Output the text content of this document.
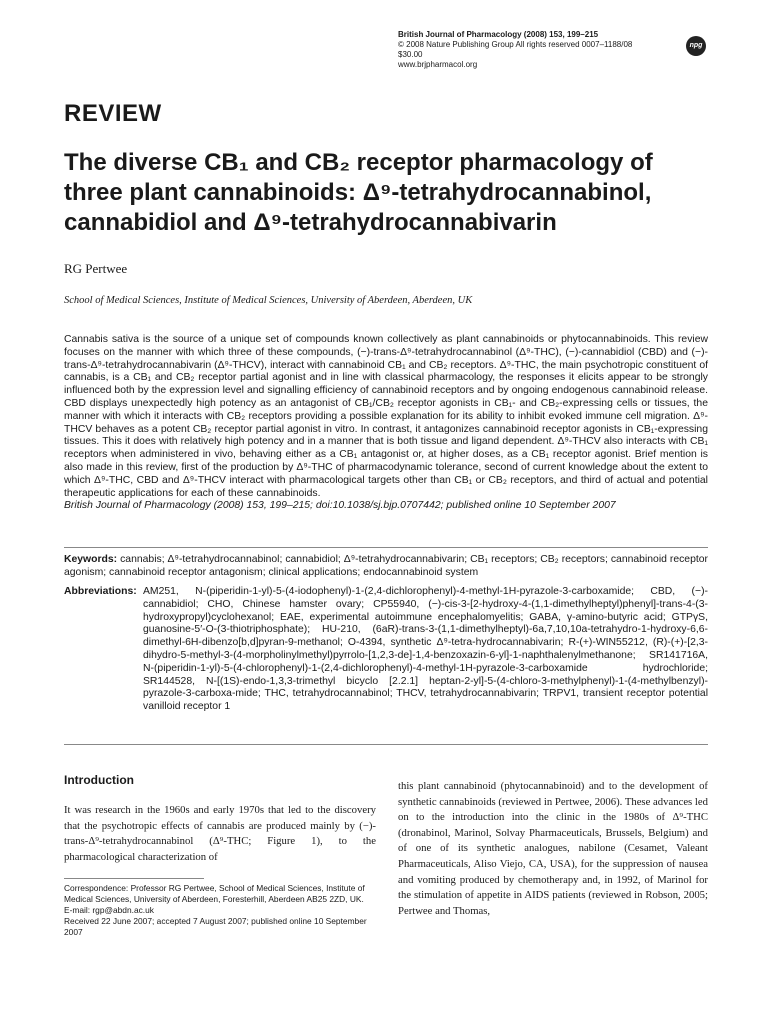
British Journal of Pharmacology (2008) 153, 199–215
© 2008 Nature Publishing Group All rights reserved 0007–1188/08 $30.00
www.brjpharmacol.org
npg
REVIEW
The diverse CB₁ and CB₂ receptor pharmacology of three plant cannabinoids: Δ⁹-tetrahydrocannabinol, cannabidiol and Δ⁹-tetrahydrocannabivarin
RG Pertwee
School of Medical Sciences, Institute of Medical Sciences, University of Aberdeen, Aberdeen, UK
Cannabis sativa is the source of a unique set of compounds known collectively as plant cannabinoids or phytocannabinoids. This review focuses on the manner with which three of these compounds, (−)-trans-Δ⁹-tetrahydrocannabinol (Δ⁹-THC), (−)-cannabidiol (CBD) and (−)-trans-Δ⁹-tetrahydrocannabivarin (Δ⁹-THCV), interact with cannabinoid CB₁ and CB₂ receptors. Δ⁹-THC, the main psychotropic constituent of cannabis, is a CB₁ and CB₂ receptor partial agonist and in line with classical pharmacology, the responses it elicits appear to be strongly influenced both by the expression level and signalling efficiency of cannabinoid receptors and by ongoing endogenous cannabinoid release. CBD displays unexpectedly high potency as an antagonist of CB₁/CB₂ receptor agonists in CB₁- and CB₂-expressing cells or tissues, the manner with which it interacts with CB₂ receptors providing a possible explanation for its ability to inhibit evoked immune cell migration. Δ⁹-THCV behaves as a potent CB₂ receptor partial agonist in vitro. In contrast, it antagonizes cannabinoid receptor agonists in CB₁-expressing tissues. This it does with relatively high potency and in a manner that is both tissue and ligand dependent. Δ⁹-THCV also interacts with CB₁ receptors when administered in vivo, behaving either as a CB₁ antagonist or, at higher doses, as a CB₁ receptor agonist. Brief mention is also made in this review, first of the production by Δ⁹-THC of pharmacodynamic tolerance, second of current knowledge about the extent to which Δ⁹-THC, CBD and Δ⁹-THCV interact with pharmacological targets other than CB₁ or CB₂ receptors, and third of actual and potential therapeutic applications for each of these cannabinoids.
British Journal of Pharmacology (2008) 153, 199–215; doi:10.1038/sj.bjp.0707442; published online 10 September 2007
Keywords: cannabis; Δ⁹-tetrahydrocannabinol; cannabidiol; Δ⁹-tetrahydrocannabivarin; CB₁ receptors; CB₂ receptors; cannabinoid receptor agonism; cannabinoid receptor antagonism; clinical applications; endocannabinoid system
Abbreviations: AM251, N-(piperidin-1-yl)-5-(4-iodophenyl)-1-(2,4-dichlorophenyl)-4-methyl-1H-pyrazole-3-carboxamide; CBD, (−)-cannabidiol; CHO, Chinese hamster ovary; CP55940, (−)-cis-3-[2-hydroxy-4-(1,1-dimethylheptyl)phenyl]-trans-4-(3-hydroxypropyl)cyclohexanol; EAE, experimental autoimmune encephalomyelitis; GABA, γ-amino-butyric acid; GTPγS, guanosine-5′-O-(3-thiotriphosphate); HU-210, (6aR)-trans-3-(1,1-dimethylheptyl)-6a,7,10,10a-tetrahydro-1-hydroxy-6,6-dimethyl-6H-dibenzo[b,d]pyran-9-methanol; O-4394, synthetic Δ⁹-tetra-hydrocannabivarin; R-(+)-WIN55212, (R)-(+)-[2,3-dihydro-5-methyl-3-(4-morpholinylmethyl)pyrrolo-[1,2,3-de]-1,4-benzoxazin-6-yl]-1-naphthalenylmethanone; SR141716A, N-(piperidin-1-yl)-5-(4-chlorophenyl)-1-(2,4-dichlorophenyl)-4-methyl-1H-pyrazole-3-carboxamide hydrochloride; SR144528, N-[(1S)-endo-1,3,3-trimethyl bicyclo [2.2.1] heptan-2-yl]-5-(4-chloro-3-methylphenyl)-1-(4-methylbenzyl)-pyrazole-3-carboxa-mide; THC, tetrahydrocannabinol; THCV, tetrahydrocannabivarin; TRPV1, transient receptor potential vanilloid receptor 1
Introduction
It was research in the 1960s and early 1970s that led to the discovery that the psychotropic effects of cannabis are produced mainly by (−)-trans-Δ⁹-tetrahydrocannabinol (Δ⁹-THC; Figure 1), to the pharmacological characterization of
this plant cannabinoid (phytocannabinoid) and to the development of synthetic cannabinoids (reviewed in Pertwee, 2006). These advances led on to the introduction into the clinic in the 1980s of Δ⁹-THC (dronabinol, Marinol, Solvay Pharmaceuticals, Brussels, Belgium) and of one of its synthetic analogues, nabilone (Cesamet, Valeant Pharmaceuticals, Aliso Viejo, CA, USA), for the suppression of nausea and vomiting produced by chemotherapy and, in 1992, of Marinol for the stimulation of appetite in AIDS patients (reviewed in Robson, 2005; Pertwee and Thomas,
Correspondence: Professor RG Pertwee, School of Medical Sciences, Institute of Medical Sciences, University of Aberdeen, Foresterhill, Aberdeen AB25 2ZD, UK.
E-mail: rgp@abdn.ac.uk
Received 22 June 2007; accepted 7 August 2007; published online 10 September 2007
